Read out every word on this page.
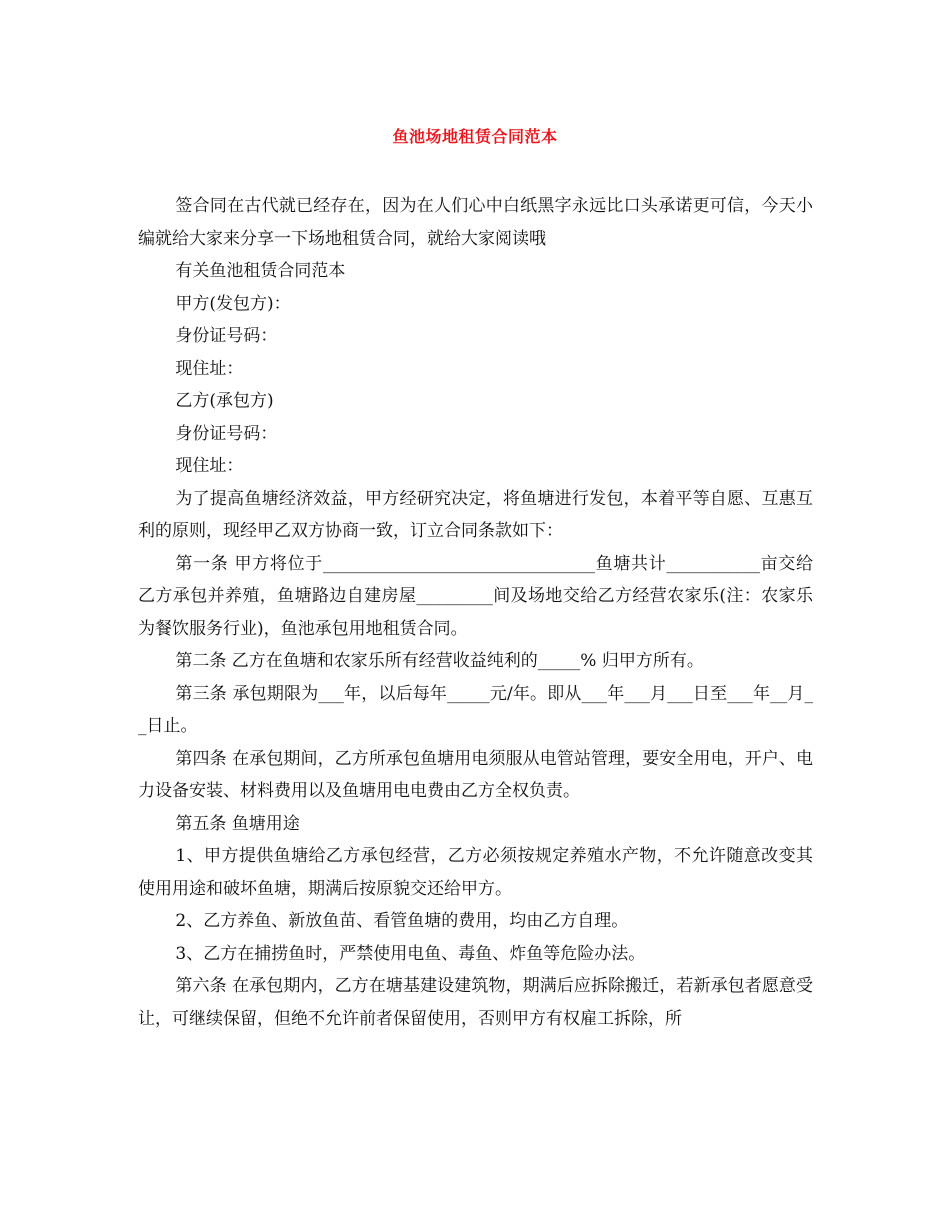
鱼池场地租赁合同范本

签合同在古代就已经存在，因为在人们心中白纸黑字永远比口头承诺更可信，今天小编就给大家来分享一下场地租赁合同，就给大家阅读哦

有关鱼池租赁合同范本

甲方(发包方)：

身份证号码：

现住址：

乙方(承包方)

身份证号码：

现住址：

为了提高鱼塘经济效益，甲方经研究决定，将鱼塘进行发包，本着平等自愿、互惠互利的原则，现经甲乙双方协商一致，订立合同条款如下：

第一条 甲方将位于________________________________鱼塘共计___________亩交给乙方承包并养殖，鱼塘路边自建房屋_________间及场地交给乙方经营农家乐(注：农家乐为餐饮服务行业)，鱼池承包用地租赁合同。

第二条 乙方在鱼塘和农家乐所有经营收益纯利的_____% 归甲方所有。

第三条 承包期限为___年，以后每年_____元/年。即从___年___月___日至___年__月__日止。

第四条 在承包期间，乙方所承包鱼塘用电须服从电管站管理，要安全用电，开户、电力设备安装、材料费用以及鱼塘用电电费由乙方全权负责。

第五条 鱼塘用途

1、甲方提供鱼塘给乙方承包经营，乙方必须按规定养殖水产物，不允许随意改变其使用用途和破坏鱼塘，期满后按原貌交还给甲方。

2、乙方养鱼、新放鱼苗、看管鱼塘的费用，均由乙方自理。

3、乙方在捕捞鱼时，严禁使用电鱼、毒鱼、炸鱼等危险办法。

第六条 在承包期内，乙方在塘基建设建筑物，期满后应拆除搬迁，若新承包者愿意受让，可继续保留，但绝不允许前者保留使用，否则甲方有权雇工拆除，所
